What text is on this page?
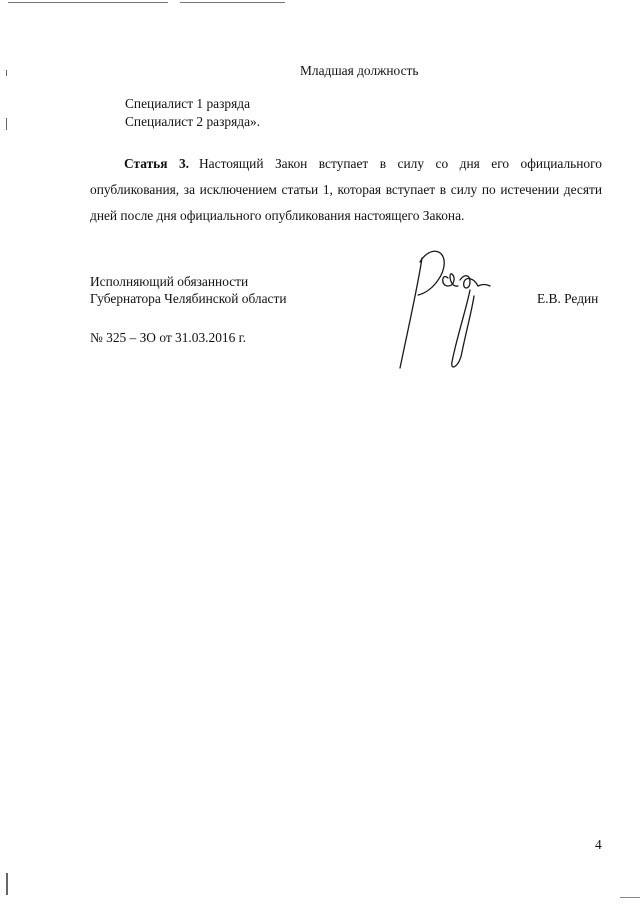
Младшая должность
Специалист 1 разряда
Специалист 2 разряда».
Статья 3. Настоящий Закон вступает в силу со дня его официального опубликования, за исключением статьи 1, которая вступает в силу по истечении десяти дней после дня официального опубликования настоящего Закона.
Исполняющий обязанности
Губернатора Челябинской области	Е.В. Редин
№ 325 – ЗО от 31.03.2016 г.
4
